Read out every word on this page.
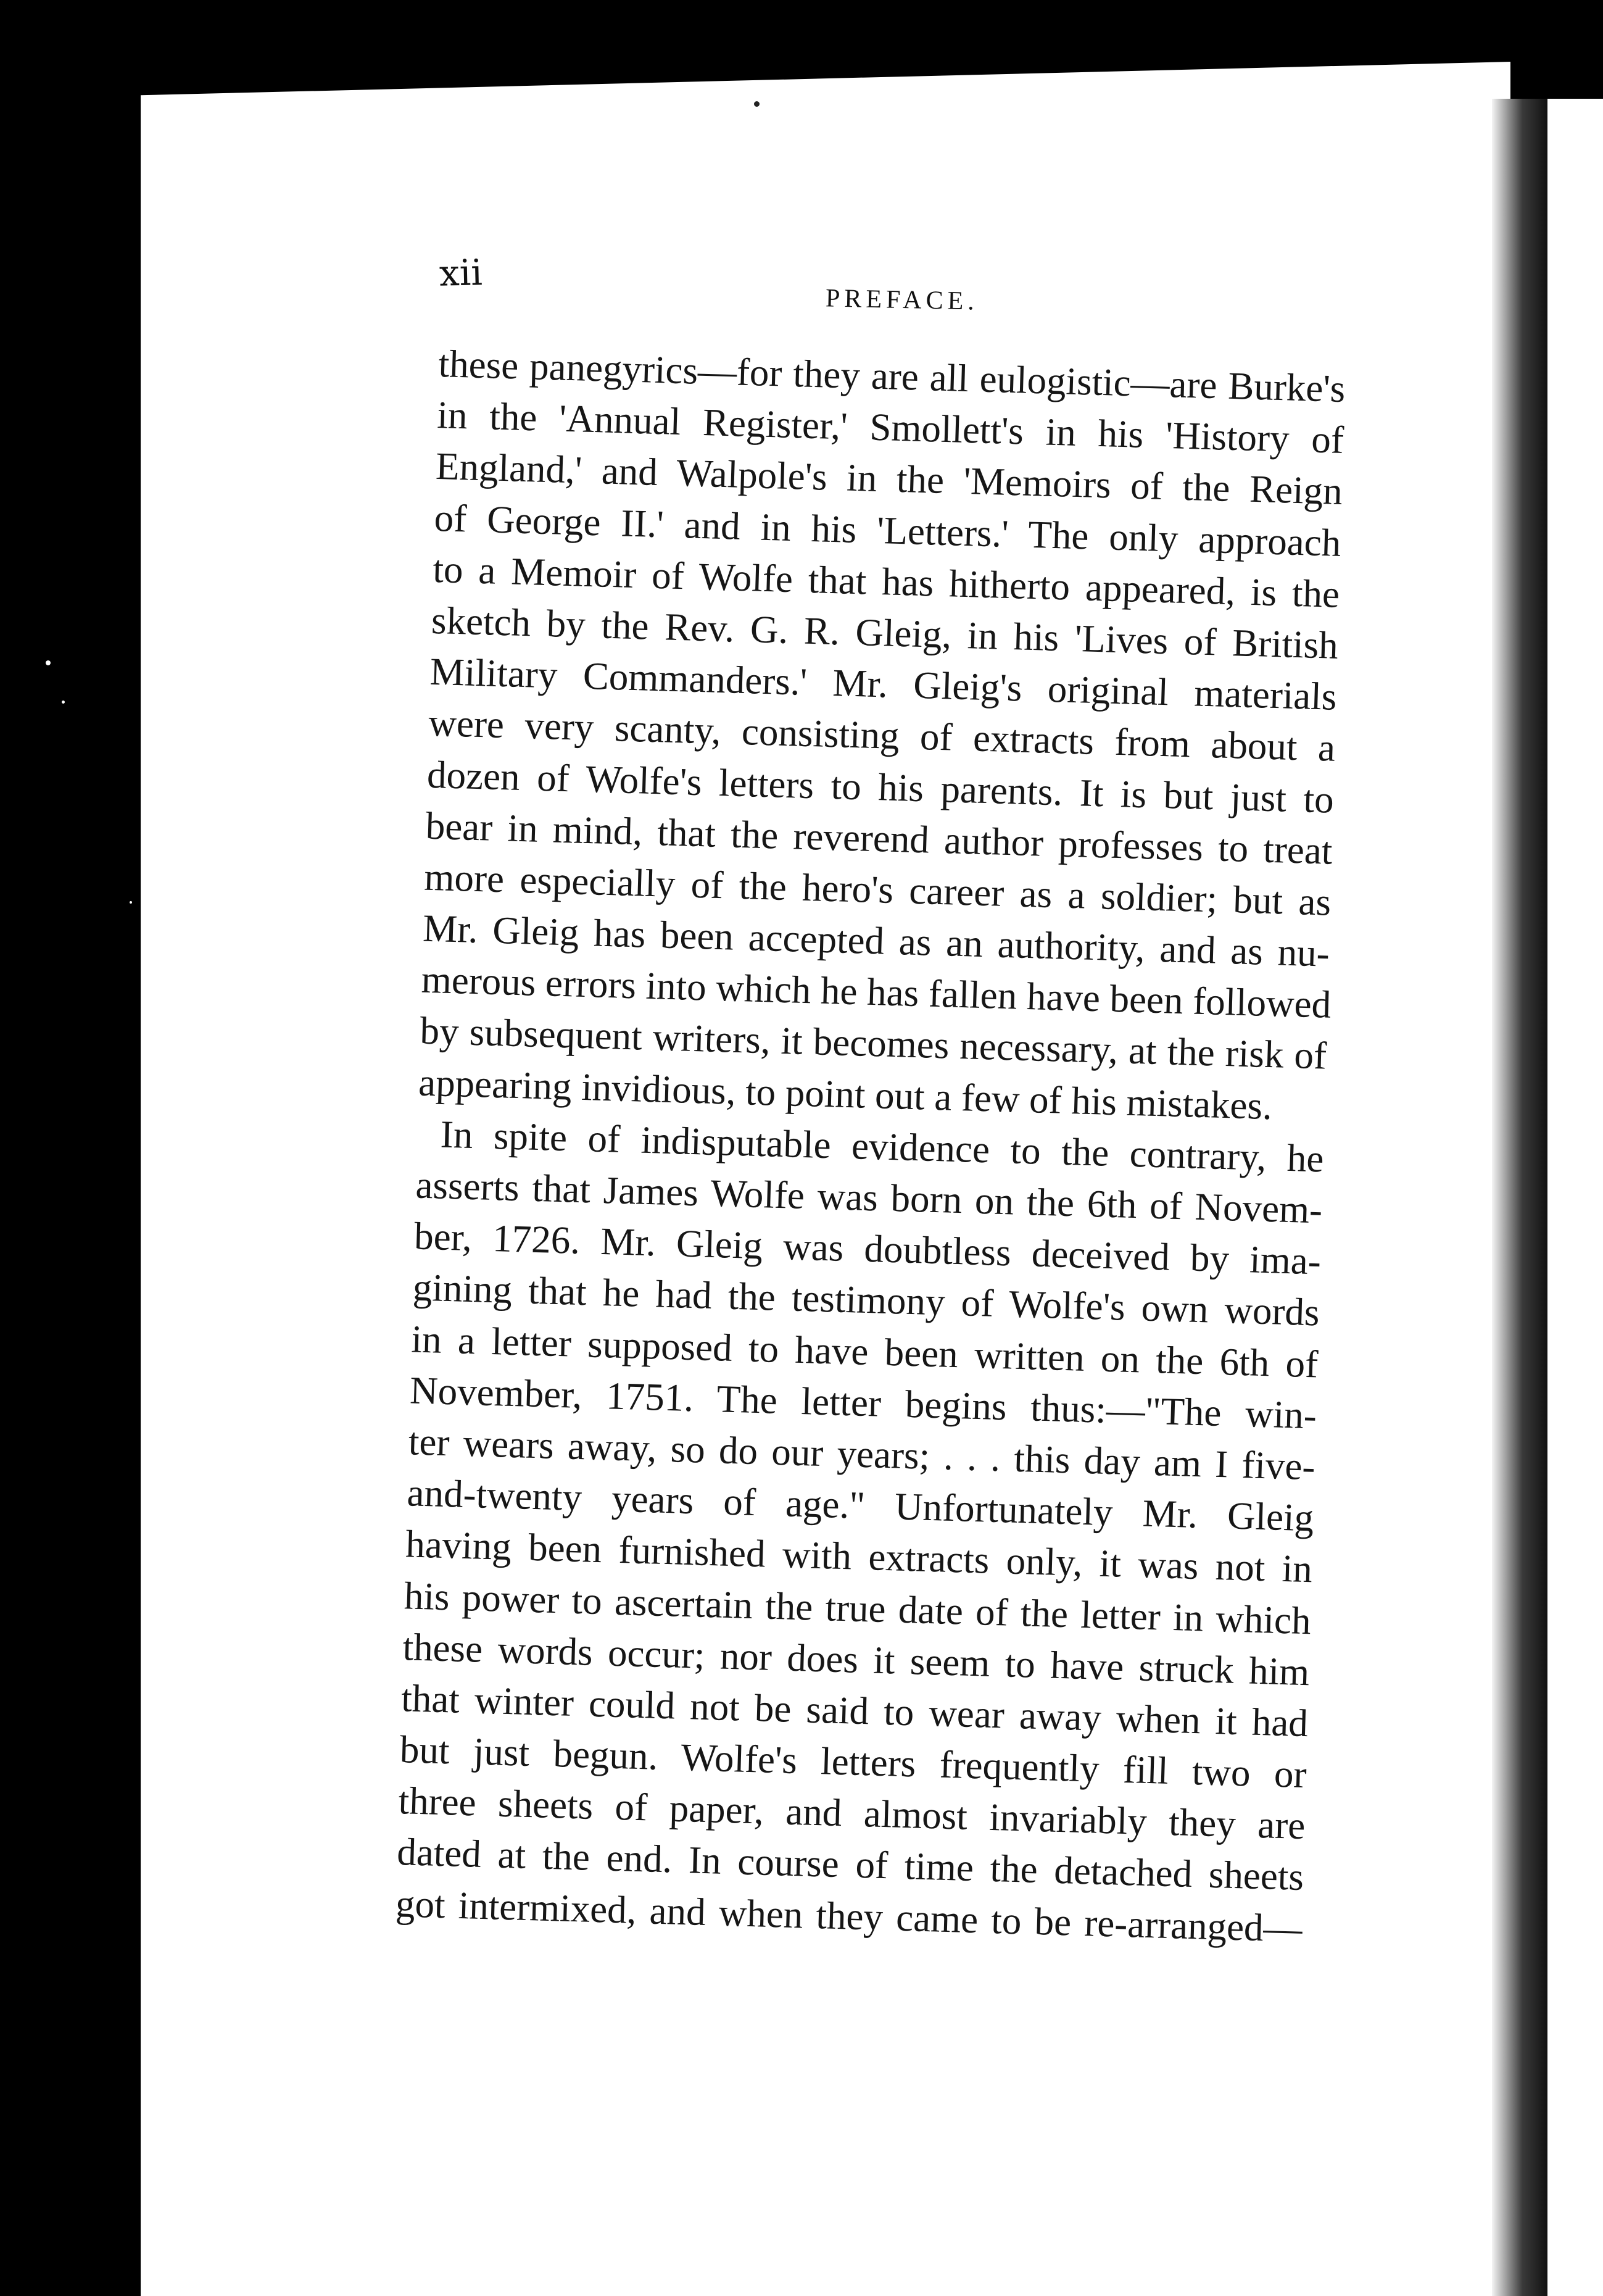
xii
PREFACE.
these panegyrics—for they are all eulogistic—are Burke's
in the 'Annual Register,' Smollett's in his 'History of
England,' and Walpole's in the 'Memoirs of the Reign
of George II.' and in his 'Letters.' The only approach
to a Memoir of Wolfe that has hitherto appeared, is the
sketch by the Rev. G. R. Gleig, in his 'Lives of British
Military Commanders.' Mr. Gleig's original materials
were very scanty, consisting of extracts from about a
dozen of Wolfe's letters to his parents. It is but just to
bear in mind, that the reverend author professes to treat
more especially of the hero's career as a soldier; but as
Mr. Gleig has been accepted as an authority, and as nu-
merous errors into which he has fallen have been followed
by subsequent writers, it becomes necessary, at the risk of
appearing invidious, to point out a few of his mistakes.
In spite of indisputable evidence to the contrary, he
asserts that James Wolfe was born on the 6th of Novem-
ber, 1726. Mr. Gleig was doubtless deceived by ima-
gining that he had the testimony of Wolfe's own words
in a letter supposed to have been written on the 6th of
November, 1751. The letter begins thus:—"The win-
ter wears away, so do our years; . . . this day am I five-
and-twenty years of age." Unfortunately Mr. Gleig
having been furnished with extracts only, it was not in
his power to ascertain the true date of the letter in which
these words occur; nor does it seem to have struck him
that winter could not be said to wear away when it had
but just begun. Wolfe's letters frequently fill two or
three sheets of paper, and almost invariably they are
dated at the end. In course of time the detached sheets
got intermixed, and when they came to be re-arranged—
